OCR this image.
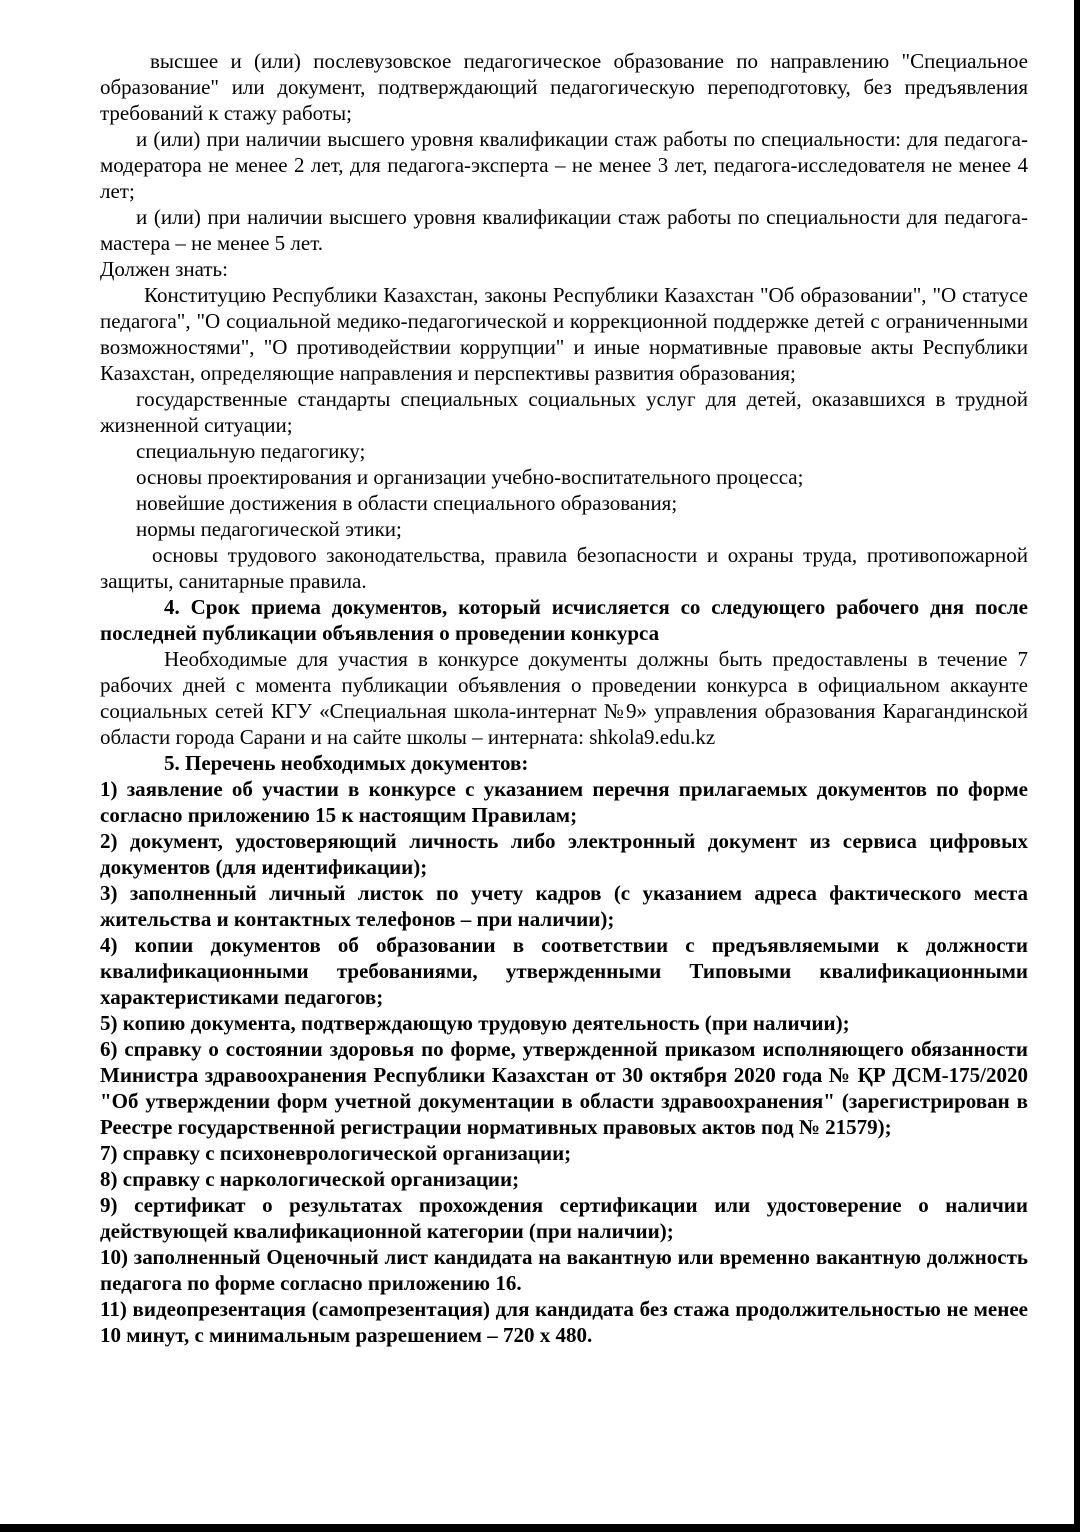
высшее и (или) послевузовское педагогическое образование по направлению "Специальное образование" или документ, подтверждающий педагогическую переподготовку, без предъявления требований к стажу работы;

и (или) при наличии высшего уровня квалификации стаж работы по специальности: для педагога-модератора не менее 2 лет, для педагога-эксперта – не менее 3 лет, педагога-исследователя не менее 4 лет;

и (или) при наличии высшего уровня квалификации стаж работы по специальности для педагога-мастера – не менее 5 лет.

Должен знать:

Конституцию Республики Казахстан, законы Республики Казахстан "Об образовании", "О статусе педагога", "О социальной медико-педагогической и коррекционной поддержке детей с ограниченными возможностями", "О противодействии коррупции" и иные нормативные правовые акты Республики Казахстан, определяющие направления и перспективы развития образования;

государственные стандарты специальных социальных услуг для детей, оказавшихся в трудной жизненной ситуации;

специальную педагогику;

основы проектирования и организации учебно-воспитательного процесса;

новейшие достижения в области специального образования;

нормы педагогической этики;

основы трудового законодательства, правила безопасности и охраны труда, противопожарной защиты, санитарные правила.

4. Срок приема документов, который исчисляется со следующего рабочего дня после последней публикации объявления о проведении конкурса

Необходимые для участия в конкурсе документы должны быть предоставлены в течение 7 рабочих дней с момента публикации объявления о проведении конкурса в официальном аккаунте социальных сетей КГУ «Специальная школа-интернат №9» управления образования Карагандинской области города Сарани и на сайте школы – интерната: shkola9.edu.kz

5. Перечень необходимых документов:

1) заявление об участии в конкурсе с указанием перечня прилагаемых документов по форме согласно приложению 15 к настоящим Правилам;

2) документ, удостоверяющий личность либо электронный документ из сервиса цифровых документов (для идентификации);

3) заполненный личный листок по учету кадров (с указанием адреса фактического места жительства и контактных телефонов – при наличии);

4) копии документов об образовании в соответствии с предъявляемыми к должности квалификационными требованиями, утвержденными Типовыми квалификационными характеристиками педагогов;

5) копию документа, подтверждающую трудовую деятельность (при наличии);

6) справку о состоянии здоровья по форме, утвержденной приказом исполняющего обязанности Министра здравоохранения Республики Казахстан от 30 октября 2020 года № ҚР ДСМ-175/2020 "Об утверждении форм учетной документации в области здравоохранения" (зарегистрирован в Реестре государственной регистрации нормативных правовых актов под № 21579);

7) справку с психоневрологической организации;

8) справку с наркологической организации;

9) сертификат о результатах прохождения сертификации или удостоверение о наличии действующей квалификационной категории (при наличии);

10) заполненный Оценочный лист кандидата на вакантную или временно вакантную должность педагога по форме согласно приложению 16.

11) видеопрезентация (самопрезентация) для кандидата без стажа продолжительностью не менее 10 минут, с минимальным разрешением – 720 х 480.
